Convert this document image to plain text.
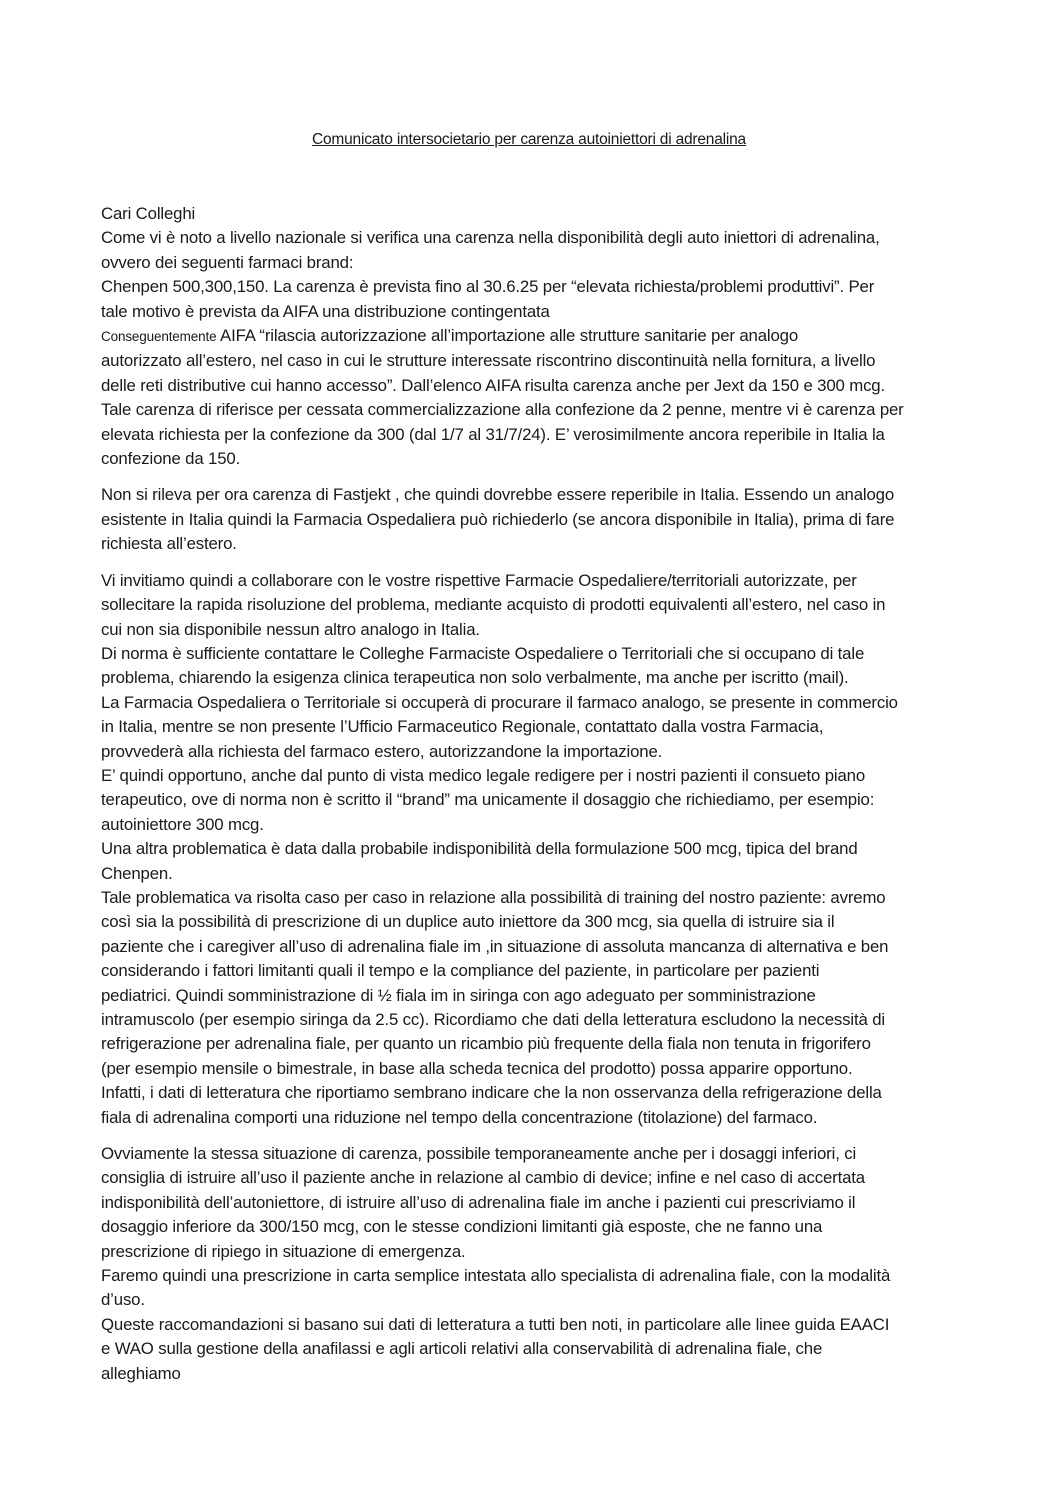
Comunicato intersocietario per carenza autoiniettori di adrenalina
Cari Colleghi
Come vi è noto a livello nazionale si verifica una carenza nella disponibilità degli auto iniettori di adrenalina,
ovvero dei seguenti farmaci brand:
Chenpen 500,300,150. La carenza è prevista fino al 30.6.25 per “elevata richiesta/problemi produttivi”. Per
tale motivo è prevista da AIFA una distribuzione contingentata
Conseguentemente AIFA “rilascia autorizzazione all’importazione alle strutture sanitarie per analogo
autorizzato all’estero, nel caso in cui le strutture interessate riscontrino discontinuità nella fornitura, a livello
delle reti distributive cui hanno accesso”. Dall’elenco AIFA risulta carenza anche per Jext da 150 e 300 mcg.
Tale carenza di riferisce per cessata commercializzazione alla confezione da 2 penne, mentre vi è carenza per
elevata richiesta per la confezione da 300 (dal 1/7 al 31/7/24). E’ verosimilmente ancora reperibile in Italia la
confezione da 150.
Non si rileva per ora carenza di Fastjekt , che quindi dovrebbe essere reperibile in Italia. Essendo un analogo
esistente in Italia quindi la Farmacia Ospedaliera può richiederlo (se ancora disponibile in Italia), prima di fare
richiesta all’estero.
Vi invitiamo quindi a collaborare con le vostre rispettive Farmacie Ospedaliere/territoriali autorizzate, per
sollecitare la rapida risoluzione del problema, mediante acquisto di prodotti equivalenti all’estero, nel caso in
cui non sia disponibile nessun altro analogo in Italia.
Di norma è sufficiente contattare le Colleghe Farmaciste Ospedaliere o Territoriali che si occupano di tale
problema, chiarendo la esigenza clinica terapeutica non solo verbalmente, ma anche per iscritto (mail).
La Farmacia Ospedaliera o Territoriale si occuperà di procurare il farmaco analogo, se presente in commercio
in Italia, mentre se non presente l’Ufficio Farmaceutico Regionale, contattato dalla vostra Farmacia,
provvederà alla richiesta del farmaco estero, autorizzandone la importazione.
E’ quindi opportuno, anche dal punto di vista medico legale redigere per i nostri pazienti il consueto piano
terapeutico, ove di norma non è scritto il “brand” ma unicamente il dosaggio che richiediamo, per esempio:
autoiniettore 300 mcg.
Una altra problematica è data dalla probabile indisponibilità della formulazione 500 mcg, tipica del brand
Chenpen.
Tale problematica va risolta caso per caso in relazione alla possibilità di training del nostro paziente: avremo
così sia la possibilità di prescrizione di un duplice auto iniettore da 300 mcg, sia quella di istruire sia il
paziente che i caregiver all’uso di adrenalina fiale im ,in situazione di assoluta mancanza di alternativa e ben
considerando i fattori limitanti quali il tempo e la compliance del paziente, in particolare per pazienti
pediatrici. Quindi somministrazione di ½ fiala im in siringa con ago adeguato per somministrazione
intramuscolo (per esempio siringa da 2.5 cc). Ricordiamo che dati della letteratura escludono la necessità di
refrigerazione per adrenalina fiale, per quanto un ricambio più frequente della fiala non tenuta in frigorifero
(per esempio mensile o bimestrale, in base alla scheda tecnica del prodotto) possa apparire opportuno.
Infatti, i dati di letteratura che riportiamo sembrano indicare che la non osservanza della refrigerazione della
fiala di adrenalina comporti una riduzione nel tempo della concentrazione (titolazione) del farmaco.
Ovviamente la stessa situazione di carenza, possibile temporaneamente anche per i dosaggi inferiori, ci
consiglia di istruire all’uso il paziente anche in relazione al cambio di device; infine e nel caso di accertata
indisponibilità dell’autoniettore, di istruire all’uso di adrenalina fiale im anche i pazienti cui prescriviamo il
dosaggio inferiore da 300/150 mcg, con le stesse condizioni limitanti già esposte, che ne fanno una
prescrizione di ripiego in situazione di emergenza.
Faremo quindi una prescrizione in carta semplice intestata allo specialista di adrenalina fiale, con la modalità
d’uso.
Queste raccomandazioni si basano sui dati di letteratura a tutti ben noti, in particolare alle linee guida EAACI
e WAO sulla gestione della anafilassi e agli articoli relativi alla conservabilità di adrenalina fiale, che
alleghiamo
